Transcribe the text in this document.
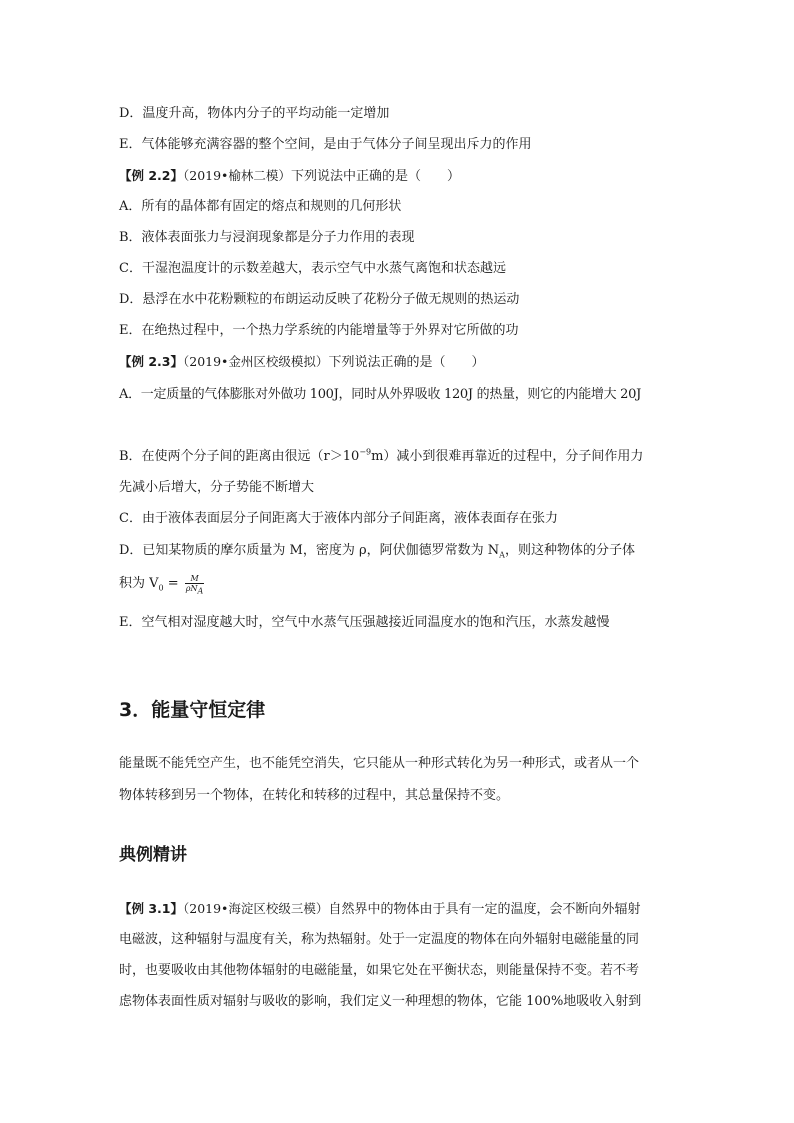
D．温度升高，物体内分子的平均动能一定增加
E．气体能够充满容器的整个空间，是由于气体分子间呈现出斥力的作用
【例 2.2】（2019•榆林二模）下列说法中正确的是（　　）
A．所有的晶体都有固定的熔点和规则的几何形状
B．液体表面张力与浸润现象都是分子力作用的表现
C．干湿泡温度计的示数差越大，表示空气中水蒸气离饱和状态越远
D．悬浮在水中花粉颗粒的布朗运动反映了花粉分子做无规则的热运动
E．在绝热过程中，一个热力学系统的内能增量等于外界对它所做的功
【例 2.3】（2019•金州区校级模拟）下列说法正确的是（　　）
A．一定质量的气体膨胀对外做功 100J，同时从外界吸收 120J 的热量，则它的内能增大 20J
B．在使两个分子间的距离由很远$(r>10^{-9}m)$减小到很难再靠近的过程中，分子间作用力
先减小后增大，分子势能不断增大
C．由于液体表面层分子间距离大于液体内部分子间距离，液体表面存在张力
D．已知某物质的摩尔质量为 M，密度为 ρ，阿伏伽德罗常数为 $N_A$，则这种物体的分子体
积为 $V_0 = \frac{M}{\rho N_A}$
E．空气相对湿度越大时，空气中水蒸气压强越接近同温度水的饱和汽压，水蒸发越慢
3．能量守恒定律
能量既不能凭空产生，也不能凭空消失，它只能从一种形式转化为另一种形式，或者从一个
物体转移到另一个物体，在转化和转移的过程中，其总量保持不变。
典例精讲
【例 3.1】（2019•海淀区校级三模）自然界中的物体由于具有一定的温度，会不断向外辐射
电磁波，这种辐射与温度有关，称为热辐射。处于一定温度的物体在向外辐射电磁能量的同
时，也要吸收由其他物体辐射的电磁能量，如果它处在平衡状态，则能量保持不变。若不考
虑物体表面性质对辐射与吸收的影响，我们定义一种理想的物体，它能 100%地吸收入射到
